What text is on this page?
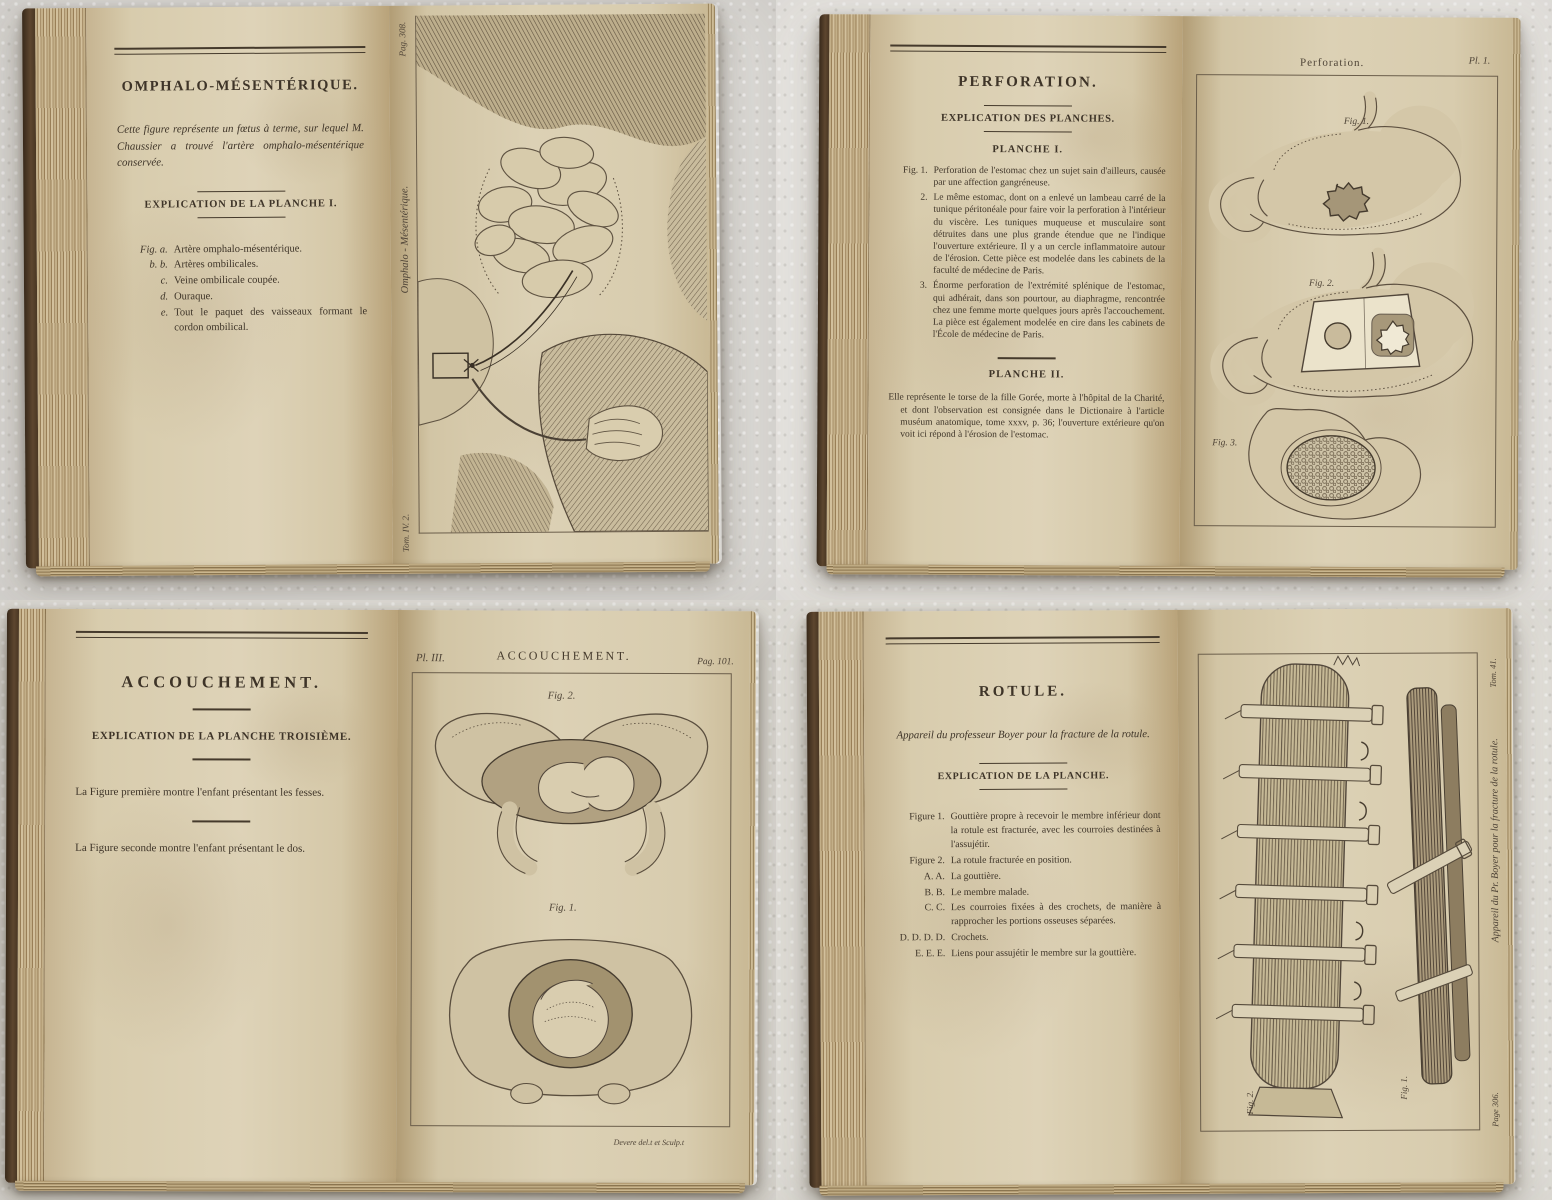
OMPHALO-MÉSENTÉRIQUE.

Cette figure représente un fœtus à terme, sur lequel M. Chaussier a trouvé l'artère omphalo-mésentérique conservée.

EXPLICATION DE LA PLANCHE I.
Fig. a. Artère omphalo-mésentérique.
b. b. Artères ombilicales.
c. Veine ombilicale coupée.
d. Ouraque.
e. Tout le paquet des vaisseaux formant le cordon ombilical.
Pag. 308.
Omphalo - Mésentérique.
Tom. IV. 2.
PERFORATION.
EXPLICATION DES PLANCHES.
PLANCHE I.
Fig. 1. Perforation de l'estomac chez un sujet sain d'ailleurs, causée par une affection gangréneuse.
2. Le même estomac, dont on a enlevé un lambeau carré de la tunique péritonéale pour faire voir la perforation à l'intérieur du viscère. Les tuniques muqueuse et musculaire sont détruites dans une plus grande étendue que ne l'indique l'ouverture extérieure. Il y a un cercle inflammatoire autour de l'érosion. Cette pièce est modelée dans les cabinets de la faculté de médecine de Paris.
3. Énorme perforation de l'extrémité splénique de l'estomac, qui adhérait, dans son pourtour, au diaphragme, rencontrée chez une femme morte quelques jours après l'accouchement. La pièce est également modelée en cire dans les cabinets de l'École de médecine de Paris.
PLANCHE II.

Elle représente le torse de la fille Gorée, morte à l'hôpital de la Charité, et dont l'observation est consignée dans le Dictionaire à l'article muséum anatomique, tome xxxv, p. 36; l'ouverture extérieure qu'on voit ici répond à l'érosion de l'estomac.

Perforation.	Pl. 1.
Fig. 1.
Fig. 2.
Fig. 3.
ACCOUCHEMENT.
EXPLICATION DE LA PLANCHE TROISIÈME.

La Figure première montre l'enfant présentant les fesses.

La Figure seconde montre l'enfant présentant le dos.

Pl. III.	ACCOUCHEMENT.	Pag. 101.
Fig. 2.
Fig. 1.
Devere del.t et Sculp.t
ROTULE.

Appareil du professeur Boyer pour la fracture de la rotule.

EXPLICATION DE LA PLANCHE.
Figure 1. Gouttière propre à recevoir le membre inférieur dont la rotule est fracturée, avec les courroies destinées à l'assujétir.
Figure 2. La rotule fracturée en position.
A. A. La gouttière.
B. B. Le membre malade.
C. C. Les courroies fixées à des crochets, de manière à rapprocher les portions osseuses séparées.
D. D. D. D. Crochets.
E. E. E. Liens pour assujétir le membre sur la gouttière.
Tom. 41.
Appareil du Pr. Boyer pour la fracture de la rotule.
Page 306.
Fig. 2.
Fig. 1.
